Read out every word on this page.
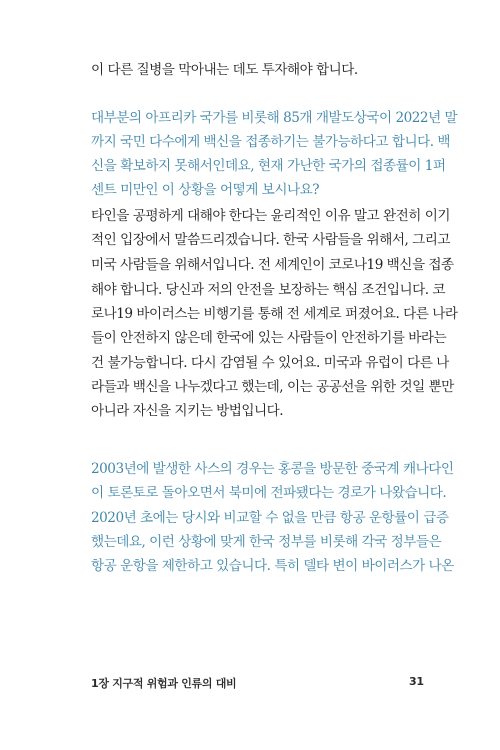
이 다른 질병을 막아내는 데도 투자해야 합니다.
대부분의 아프리카 국가를 비롯해 85개 개발도상국이 2022년 말
까지 국민 다수에게 백신을 접종하기는 불가능하다고 합니다. 백
신을 확보하지 못해서인데요, 현재 가난한 국가의 접종률이 1퍼
센트 미만인 이 상황을 어떻게 보시나요?
타인을 공평하게 대해야 한다는 윤리적인 이유 말고 완전히 이기
적인 입장에서 말씀드리겠습니다. 한국 사람들을 위해서, 그리고
미국 사람들을 위해서입니다. 전 세계인이 코로나19 백신을 접종
해야 합니다. 당신과 저의 안전을 보장하는 핵심 조건입니다. 코
로나19 바이러스는 비행기를 통해 전 세계로 퍼졌어요. 다른 나라
들이 안전하지 않은데 한국에 있는 사람들이 안전하기를 바라는
건 불가능합니다. 다시 감염될 수 있어요. 미국과 유럽이 다른 나
라들과 백신을 나누겠다고 했는데, 이는 공공선을 위한 것일 뿐만
아니라 자신을 지키는 방법입니다.
2003년에 발생한 사스의 경우는 홍콩을 방문한 중국계 캐나다인
이 토론토로 돌아오면서 북미에 전파됐다는 경로가 나왔습니다.
2020년 초에는 당시와 비교할 수 없을 만큼 항공 운항률이 급증
했는데요, 이런 상황에 맞게 한국 정부를 비롯해 각국 정부들은
항공 운항을 제한하고 있습니다. 특히 델타 변이 바이러스가 나온
1장 지구적 위험과 인류의 대비	31
